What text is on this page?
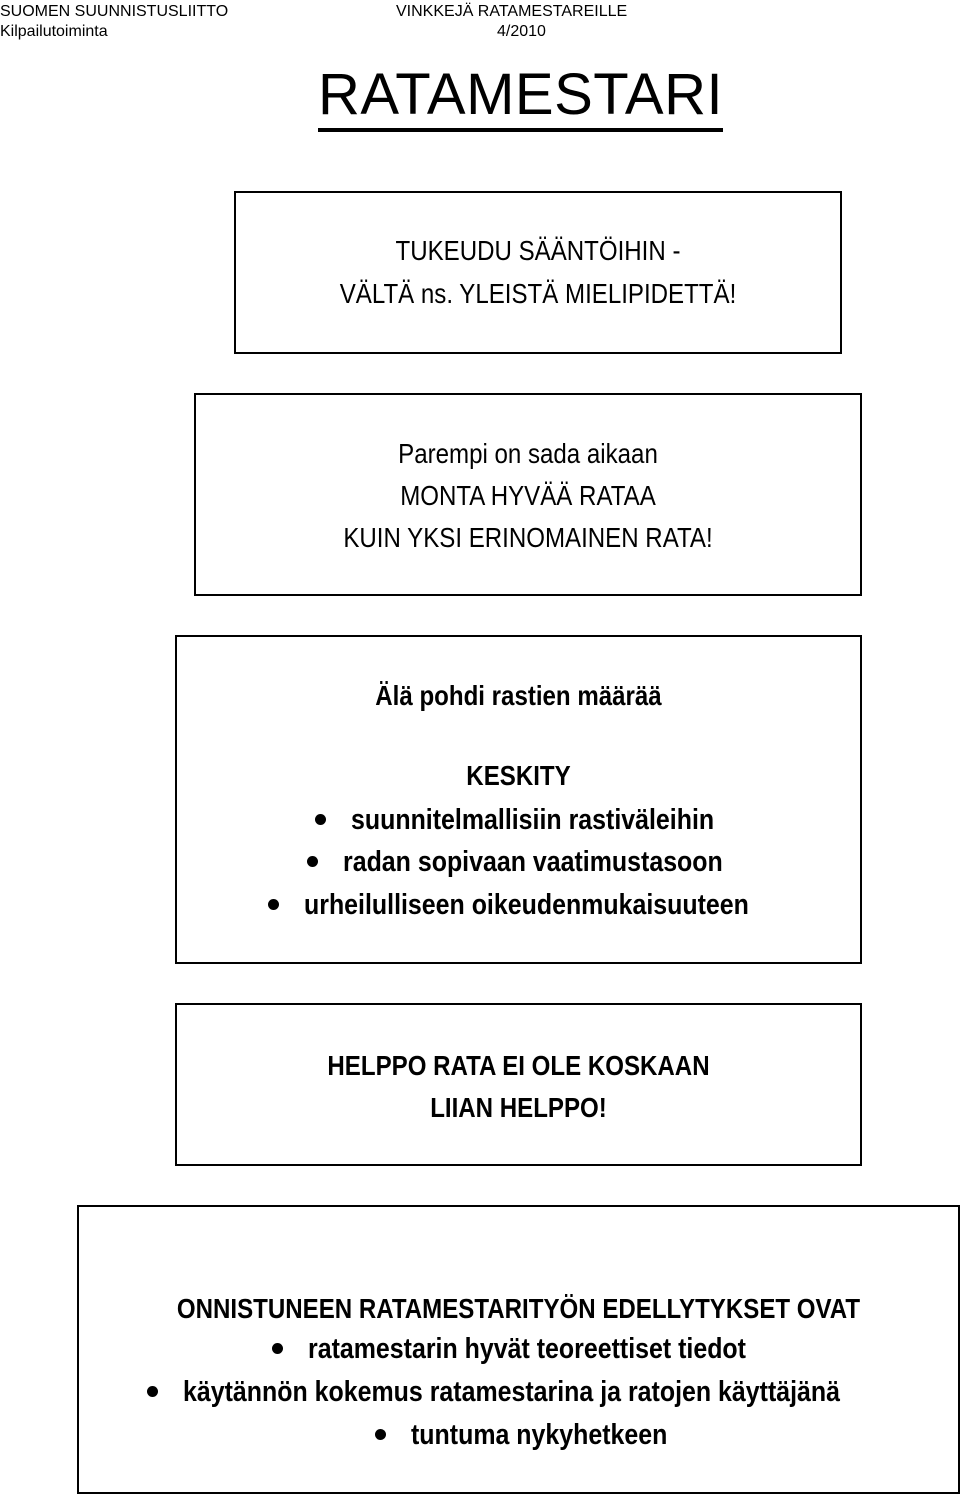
SUOMEN SUUNNISTUSLIITTO
Kilpailutoiminta
VINKKEJÄ RATAMESTAREILLE
4/2010
RATAMESTARI
TUKEUDU SÄÄNTÖIHIN -
VÄLTÄ ns. YLEISTÄ MIELIPIDETTÄ!
Parempi on sada aikaan
MONTA HYVÄÄ RATAA
KUIN YKSI ERINOMAINEN RATA!
Älä pohdi rastien määrää
KESKITY
suunnitelmallisiin rastiväleihin
radan sopivaan vaatimustasoon
urheilulliseen oikeudenmukaisuuteen
HELPPO RATA EI OLE KOSKAAN
LIIAN HELPPO!
ONNISTUNEEN RATAMESTARITYÖN EDELLYTYKSET OVAT
ratamestarin hyvät teoreettiset tiedot
käytännön kokemus ratamestarina ja ratojen käyttäjänä
tuntuma nykyhetkeen
